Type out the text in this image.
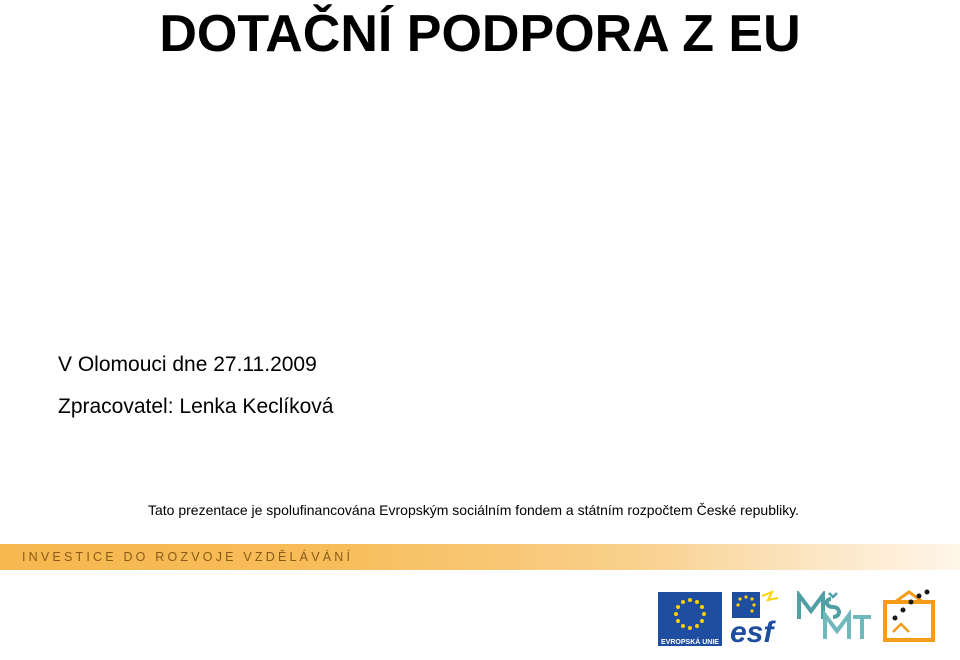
DOTAČNÍ PODPORA Z EU
V Olomouci dne 27.11.2009
Zpracovatel: Lenka Keclíková
Tato prezentace je spolufinancována Evropským sociálním fondem a státním rozpočtem České republiky.
INVESTICE DO ROZVOJE VZDĚLÁVÁNÍ
EVROPSKÁ UNIE esf
